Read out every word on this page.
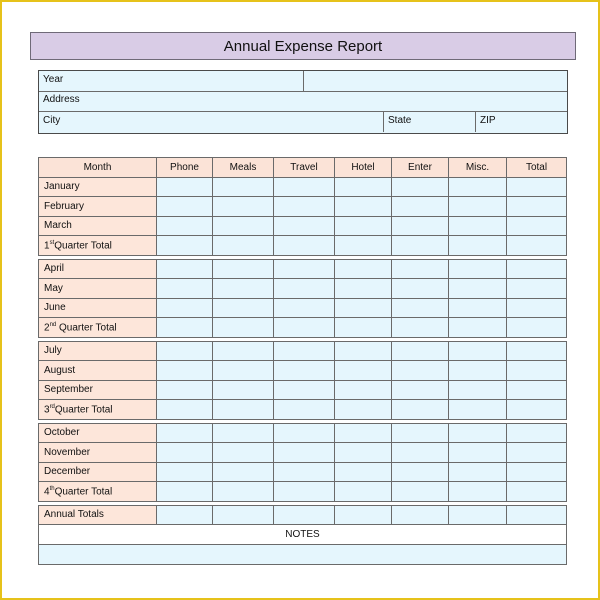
Annual Expense Report
Year
Address
City	State	ZIP
Month	Phone	Meals	Travel	Hotel	Enter	Misc.	Total
January							
February							
March							
1stQuarter Total							

April							
May							
June							
2nd Quarter Total							

July							
August							
September							
3rdQuarter Total							

October							
November							
December							
4thQuarter Total							

Annual Totals							
NOTES							
